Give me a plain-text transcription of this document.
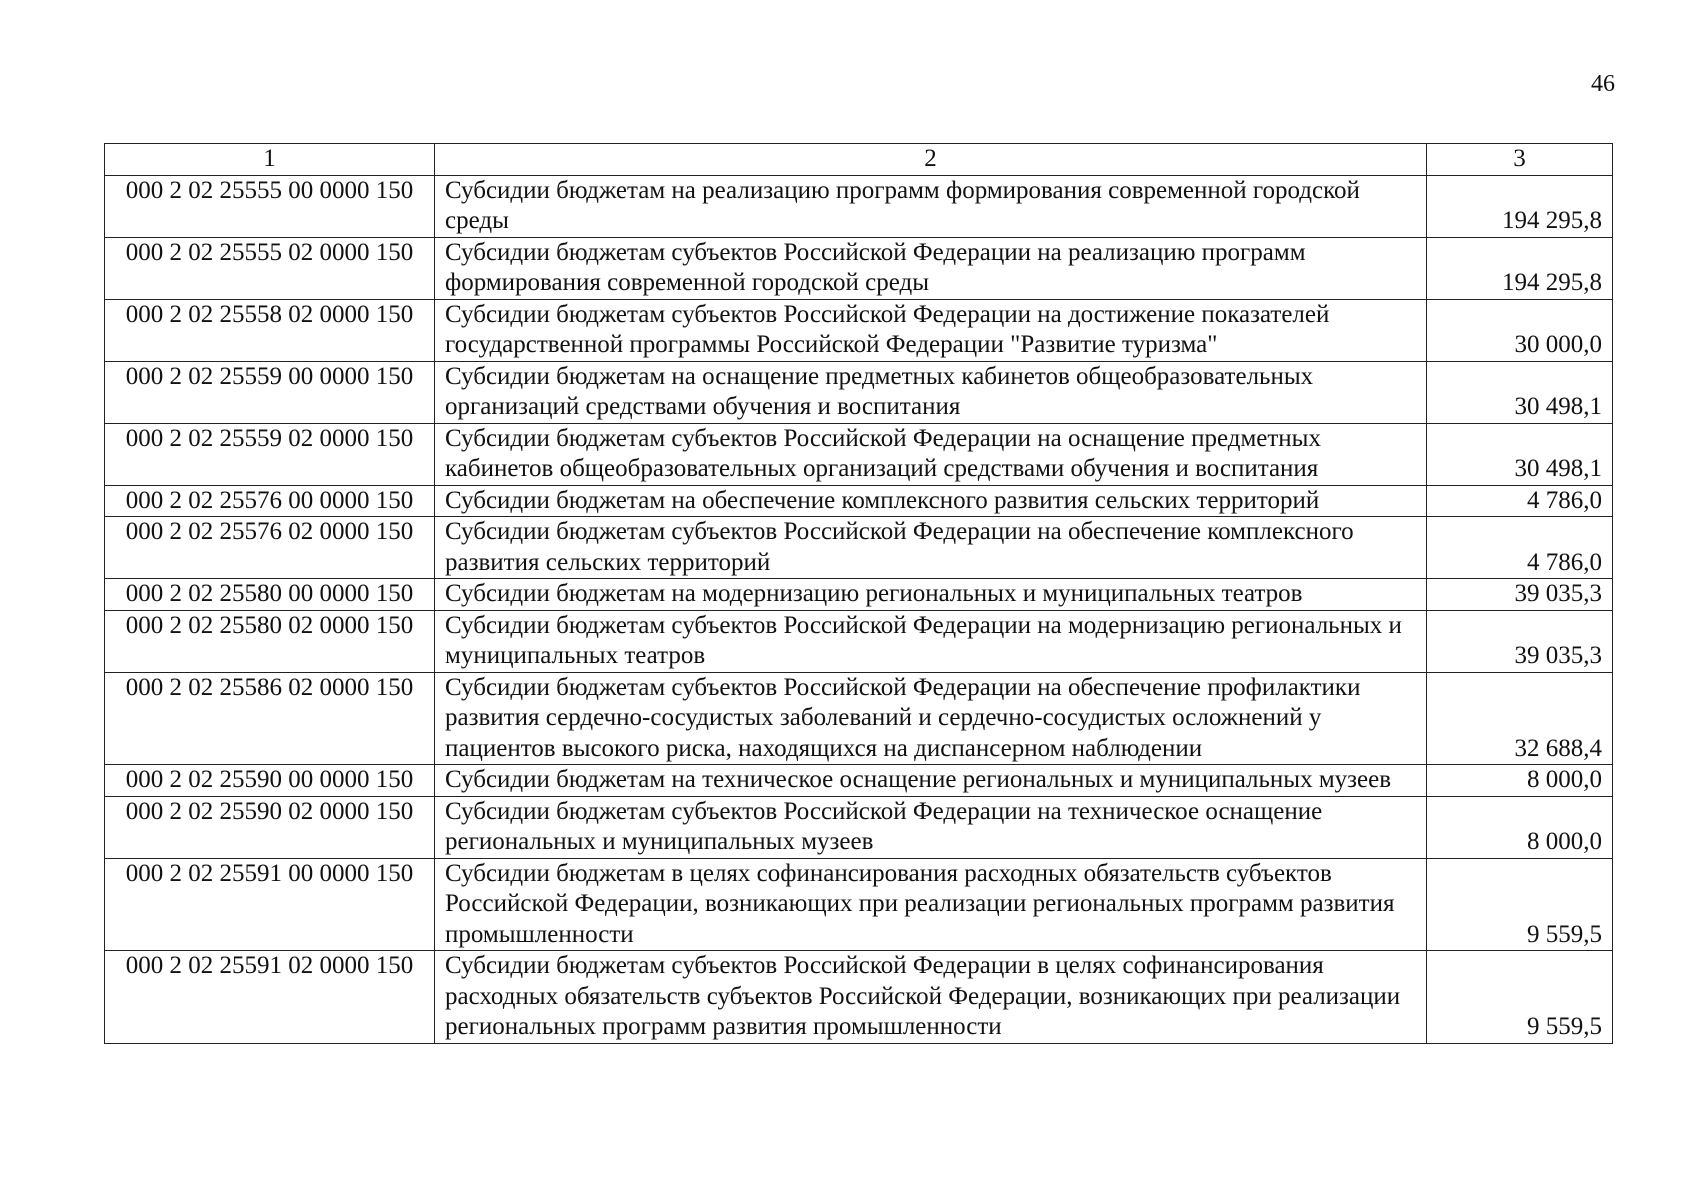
46
1	2	3
000 2 02 25555 00 0000 150	Субсидии бюджетам на реализацию программ формирования современной городской среды	194 295,8
000 2 02 25555 02 0000 150	Субсидии бюджетам субъектов Российской Федерации на реализацию программ формирования современной городской среды	194 295,8
000 2 02 25558 02 0000 150	Субсидии бюджетам субъектов Российской Федерации на достижение показателей государственной программы Российской Федерации "Развитие туризма"	30 000,0
000 2 02 25559 00 0000 150	Субсидии бюджетам на оснащение предметных кабинетов общеобразовательных организаций средствами обучения и воспитания	30 498,1
000 2 02 25559 02 0000 150	Субсидии бюджетам субъектов Российской Федерации на оснащение предметных кабинетов общеобразовательных организаций средствами обучения и воспитания	30 498,1
000 2 02 25576 00 0000 150	Субсидии бюджетам на обеспечение комплексного развития сельских территорий	4 786,0
000 2 02 25576 02 0000 150	Субсидии бюджетам субъектов Российской Федерации на обеспечение комплексного развития сельских территорий	4 786,0
000 2 02 25580 00 0000 150	Субсидии бюджетам на модернизацию региональных и муниципальных театров	39 035,3
000 2 02 25580 02 0000 150	Субсидии бюджетам субъектов Российской Федерации на модернизацию региональных и муниципальных театров	39 035,3
000 2 02 25586 02 0000 150	Субсидии бюджетам субъектов Российской Федерации на обеспечение профилактики развития сердечно-сосудистых заболеваний и сердечно-сосудистых осложнений у пациентов высокого риска, находящихся на диспансерном наблюдении	32 688,4
000 2 02 25590 00 0000 150	Субсидии бюджетам на техническое оснащение региональных и муниципальных музеев	8 000,0
000 2 02 25590 02 0000 150	Субсидии бюджетам субъектов Российской Федерации на техническое оснащение региональных и муниципальных музеев	8 000,0
000 2 02 25591 00 0000 150	Субсидии бюджетам в целях софинансирования расходных обязательств субъектов Российской Федерации, возникающих при реализации региональных программ развития промышленности	9 559,5
000 2 02 25591 02 0000 150	Субсидии бюджетам субъектов Российской Федерации в целях софинансирования расходных обязательств субъектов Российской Федерации, возникающих при реализации региональных программ развития промышленности	9 559,5
